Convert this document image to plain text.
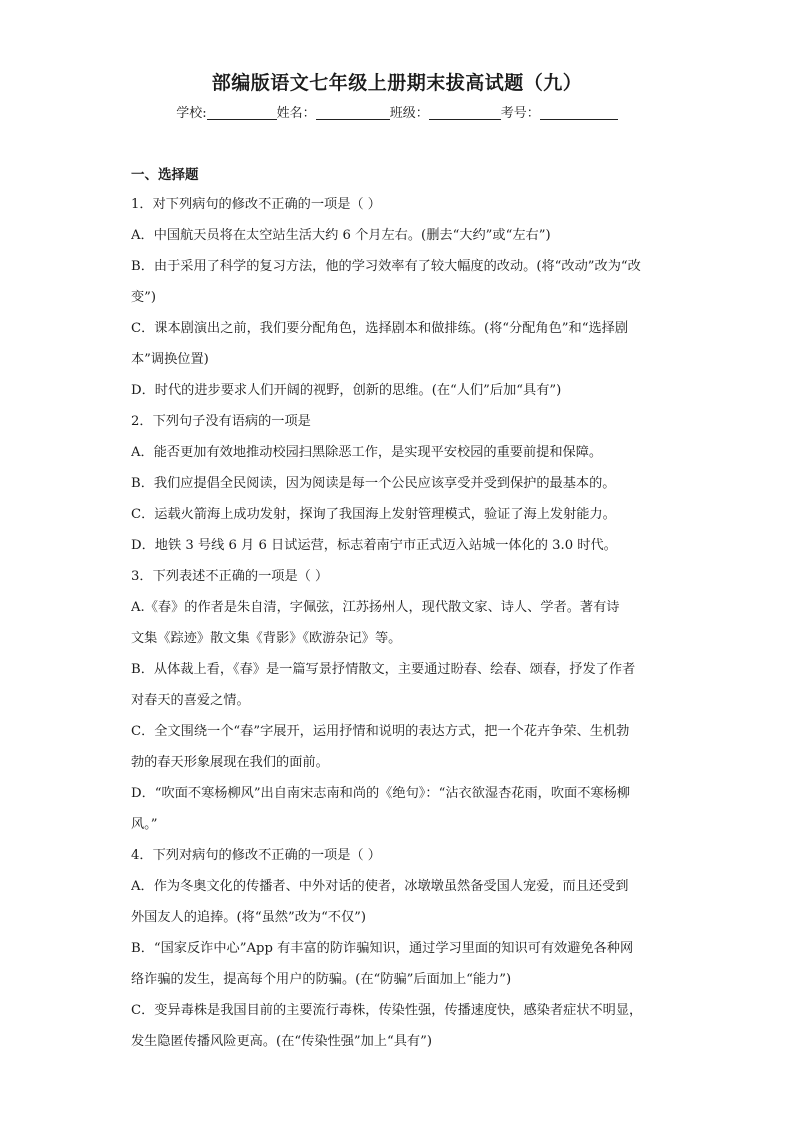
部编版语文七年级上册期末拔高试题（九）
学校:	姓名：	班级：	考号：
一、选择题
1．对下列病句的修改不正确的一项是（ ）
A．中国航天员将在太空站生活大约 6 个月左右。(删去“大约”或“左右”)
B．由于采用了科学的复习方法，他的学习效率有了较大幅度的改动。(将“改动”改为“改
变”)
C．课本剧演出之前，我们要分配角色，选择剧本和做排练。(将“分配角色”和“选择剧
本”调换位置)
D．时代的进步要求人们开阔的视野，创新的思维。(在“人们”后加“具有”)
2．下列句子没有语病的一项是
A．能否更加有效地推动校园扫黑除恶工作，是实现平安校园的重要前提和保障。
B．我们应提倡全民阅读，因为阅读是每一个公民应该享受并受到保护的最基本的。
C．运载火箭海上成功发射，探询了我国海上发射管理模式，验证了海上发射能力。
D．地铁 3 号线 6 月 6 日试运营，标志着南宁市正式迈入站城一体化的 3.0 时代。
3．下列表述不正确的一项是（ ）
A.《春》的作者是朱自清，字佩弦，江苏扬州人，现代散文家、诗人、学者。著有诗
文集《踪迹》散文集《背影》《欧游杂记》等。
B．从体裁上看，《春》是一篇写景抒情散文，主要通过盼春、绘春、颂春，抒发了作者
对春天的喜爱之情。
C．全文围绕一个“春”字展开，运用抒情和说明的表达方式，把一个花卉争荣、生机勃
勃的春天形象展现在我们的面前。
D．“吹面不寒杨柳风”出自南宋志南和尚的《绝句》：“沾衣欲湿杏花雨，吹面不寒杨柳
风。”
4．下列对病句的修改不正确的一项是（ ）
A．作为冬奥文化的传播者、中外对话的使者，冰墩墩虽然备受国人宠爱，而且还受到
外国友人的追捧。(将“虽然”改为“不仅”)
B．“国家反诈中心”App 有丰富的防诈骗知识，通过学习里面的知识可有效避免各种网
络诈骗的发生，提高每个用户的防骗。(在“防骗”后面加上“能力”)
C．变异毒株是我国目前的主要流行毒株，传染性强，传播速度快，感染者症状不明显，
发生隐匿传播风险更高。(在“传染性强”加上“具有”)
